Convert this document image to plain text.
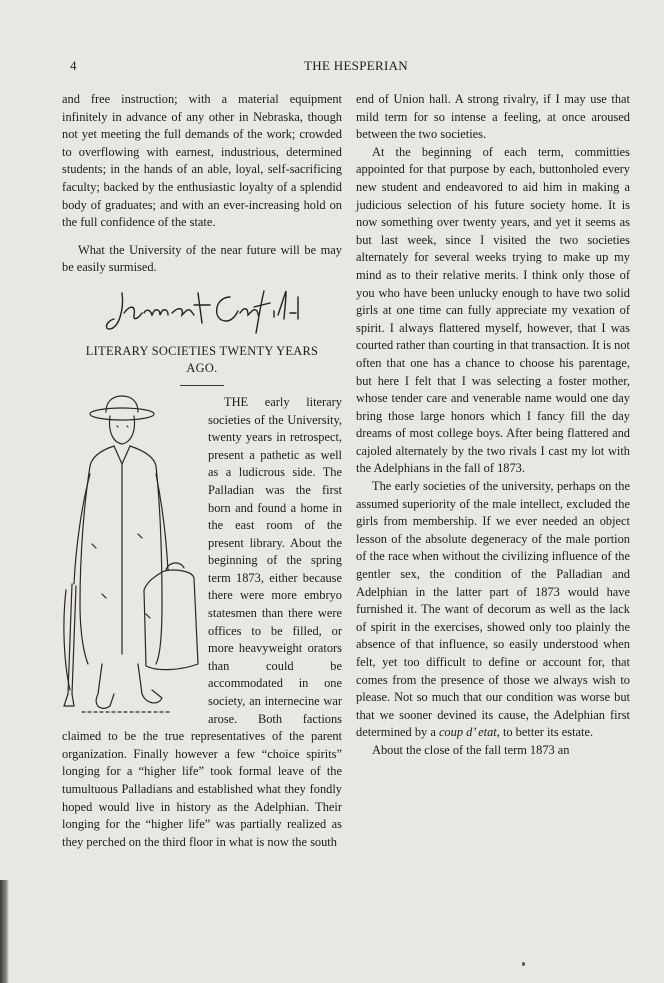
4	THE HESPERIAN

and free instruction; with a material equipment infinitely in advance of any other in Nebraska, though not yet meeting the full demands of the work; crowded to overflowing with earnest, industrious, determined students; in the hands of an able, loyal, self-sacrificing faculty; backed by the enthusiastic loyalty of a splendid body of graduates; and with an ever-increasing hold on the full confidence of the state.

What the University of the near future will be may be easily surmised.

LITERARY SOCIETIES TWENTY YEARS
AGO.

THE early literary societies of the University, twenty years in retrospect, present a pathetic as well as a ludicrous side. The Palladian was the first born and found a home in the east room of the present library. About the beginning of the spring term 1873, either because there were more embryo statesmen than there were offices to be filled, or more heavyweight orators than could be accommodated in one society, an internecine war arose. Both factions claimed to be the true representatives of the parent organization. Finally however a few “choice spirits” longing for a “higher life” took formal leave of the tumultuous Palladians and established what they fondly hoped would live in history as the Adelphian. Their longing for the “higher life” was partially realized as they perched on the third floor in what is now the south

end of Union hall. A strong rivalry, if I may use that mild term for so intense a feeling, at once aroused between the two societies.

At the beginning of each term, committies appointed for that purpose by each, buttonholed every new student and endeavored to aid him in making a judicious selection of his future society home. It is now something over twenty years, and yet it seems as but last week, since I visited the two societies alternately for several weeks trying to make up my mind as to their relative merits. I think only those of you who have been unlucky enough to have two solid girls at one time can fully appreciate my vexation of spirit. I always flattered myself, however, that I was courted rather than courting in that transaction. It is not often that one has a chance to choose his parentage, but here I felt that I was selecting a foster mother, whose tender care and venerable name would one day bring those large honors which I fancy fill the day dreams of most college boys. After being flattered and cajoled alternately by the two rivals I cast my lot with the Adelphians in the fall of 1873.

The early societies of the university, perhaps on the assumed superiority of the male intellect, excluded the girls from membership. If we ever needed an object lesson of the absolute degeneracy of the male portion of the race when without the civilizing influence of the gentler sex, the condition of the Palladian and Adelphian in the latter part of 1873 would have furnished it. The want of decorum as well as the lack of spirit in the exercises, showed only too plainly the absence of that influence, so easily understood when felt, yet too difficult to define or account for, that comes from the presence of those we always wish to please. Not so much that our condition was worse but that we sooner devined its cause, the Adelphian first determined by a coup d’ etat, to better its estate.

About the close of the fall term 1873 an
